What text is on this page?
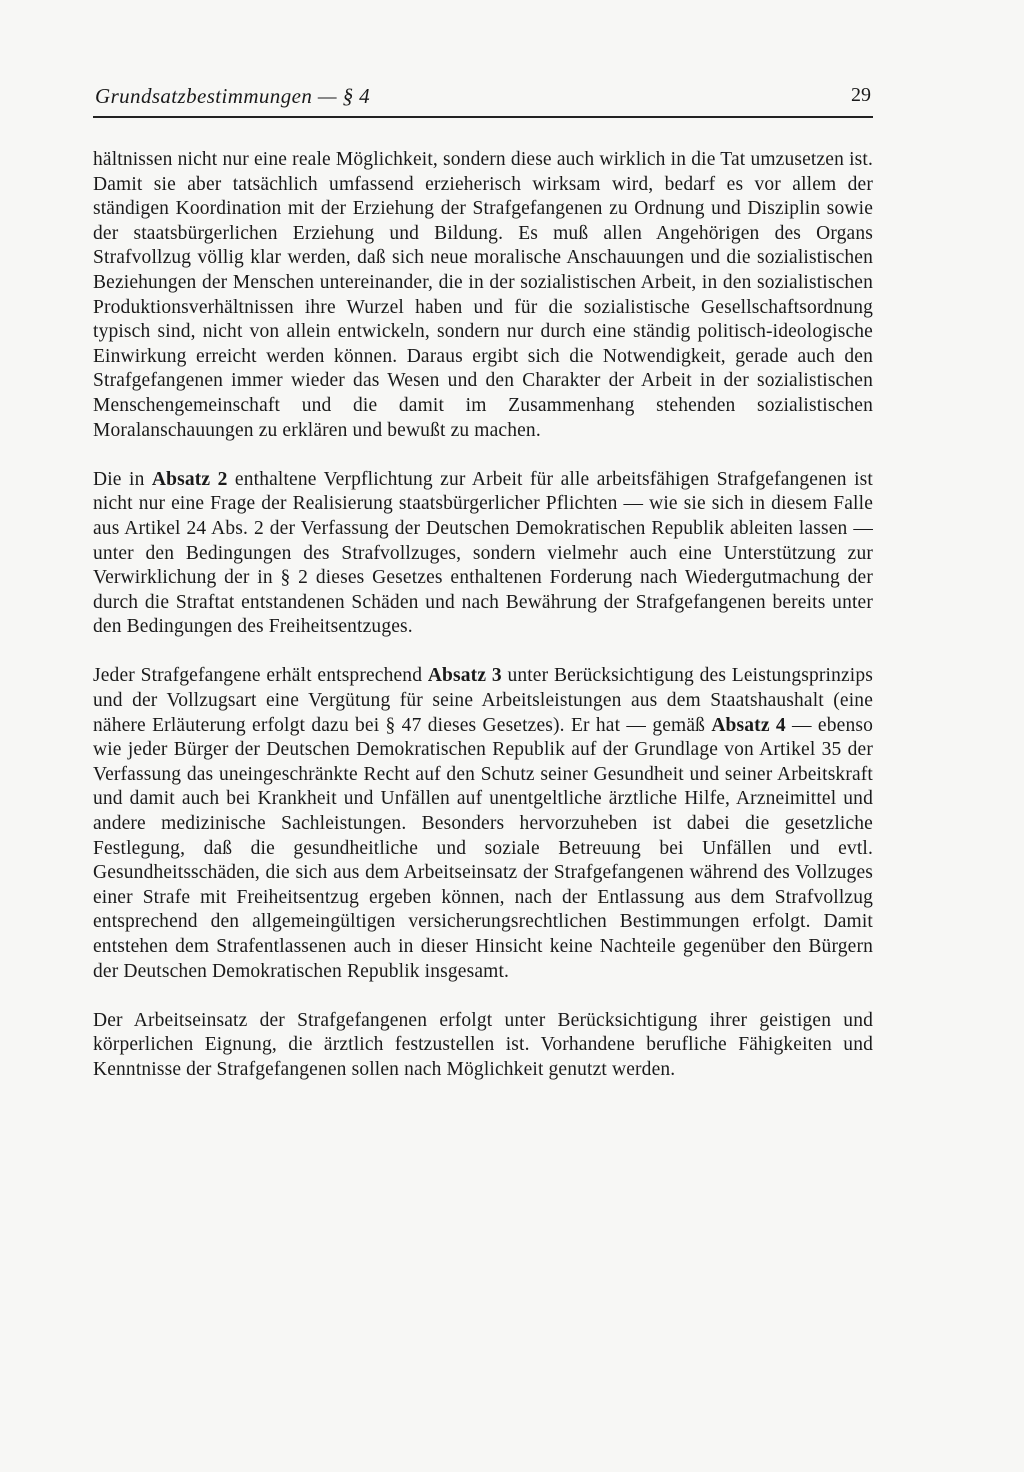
Grundsatzbestimmungen — § 4	29

hältnissen nicht nur eine reale Möglichkeit, sondern diese auch wirklich in die Tat umzusetzen ist. Damit sie aber tatsächlich umfassend erzieherisch wirksam wird, bedarf es vor allem der ständigen Koordination mit der Erziehung der Strafgefangenen zu Ordnung und Disziplin sowie der staatsbürgerlichen Erziehung und Bildung. Es muß allen Angehörigen des Organs Strafvollzug völlig klar werden, daß sich neue moralische Anschauungen und die sozialistischen Beziehungen der Menschen untereinander, die in der sozialistischen Arbeit, in den sozialistischen Produktionsverhältnissen ihre Wurzel haben und für die sozialistische Gesellschaftsordnung typisch sind, nicht von allein entwickeln, sondern nur durch eine ständig politisch-ideologische Einwirkung erreicht werden können. Daraus ergibt sich die Notwendigkeit, gerade auch den Strafgefangenen immer wieder das Wesen und den Charakter der Arbeit in der sozialistischen Menschengemeinschaft und die damit im Zusammenhang stehenden sozialistischen Moralanschauungen zu erklären und bewußt zu machen.

Die in Absatz 2 enthaltene Verpflichtung zur Arbeit für alle arbeitsfähigen Strafgefangenen ist nicht nur eine Frage der Realisierung staatsbürgerlicher Pflichten — wie sie sich in diesem Falle aus Artikel 24 Abs. 2 der Verfassung der Deutschen Demokratischen Republik ableiten lassen — unter den Bedingungen des Strafvollzuges, sondern vielmehr auch eine Unterstützung zur Verwirklichung der in § 2 dieses Gesetzes enthaltenen Forderung nach Wiedergutmachung der durch die Straftat entstandenen Schäden und nach Bewährung der Strafgefangenen bereits unter den Bedingungen des Freiheitsentzuges.

Jeder Strafgefangene erhält entsprechend Absatz 3 unter Berücksichtigung des Leistungsprinzips und der Vollzugsart eine Vergütung für seine Arbeitsleistungen aus dem Staatshaushalt (eine nähere Erläuterung erfolgt dazu bei § 47 dieses Gesetzes). Er hat — gemäß Absatz 4 — ebenso wie jeder Bürger der Deutschen Demokratischen Republik auf der Grundlage von Artikel 35 der Verfassung das uneingeschränkte Recht auf den Schutz seiner Gesundheit und seiner Arbeitskraft und damit auch bei Krankheit und Unfällen auf unentgeltliche ärztliche Hilfe, Arzneimittel und andere medizinische Sachleistungen. Besonders hervorzuheben ist dabei die gesetzliche Festlegung, daß die gesundheitliche und soziale Betreuung bei Unfällen und evtl. Gesundheitsschäden, die sich aus dem Arbeitseinsatz der Strafgefangenen während des Vollzuges einer Strafe mit Freiheitsentzug ergeben können, nach der Entlassung aus dem Strafvollzug entsprechend den allgemeingültigen versicherungsrechtlichen Bestimmungen erfolgt. Damit entstehen dem Strafentlassenen auch in dieser Hinsicht keine Nachteile gegenüber den Bürgern der Deutschen Demokratischen Republik insgesamt.

Der Arbeitseinsatz der Strafgefangenen erfolgt unter Berücksichtigung ihrer geistigen und körperlichen Eignung, die ärztlich festzustellen ist. Vorhandene berufliche Fähigkeiten und Kenntnisse der Strafgefangenen sollen nach Möglichkeit genutzt werden.
